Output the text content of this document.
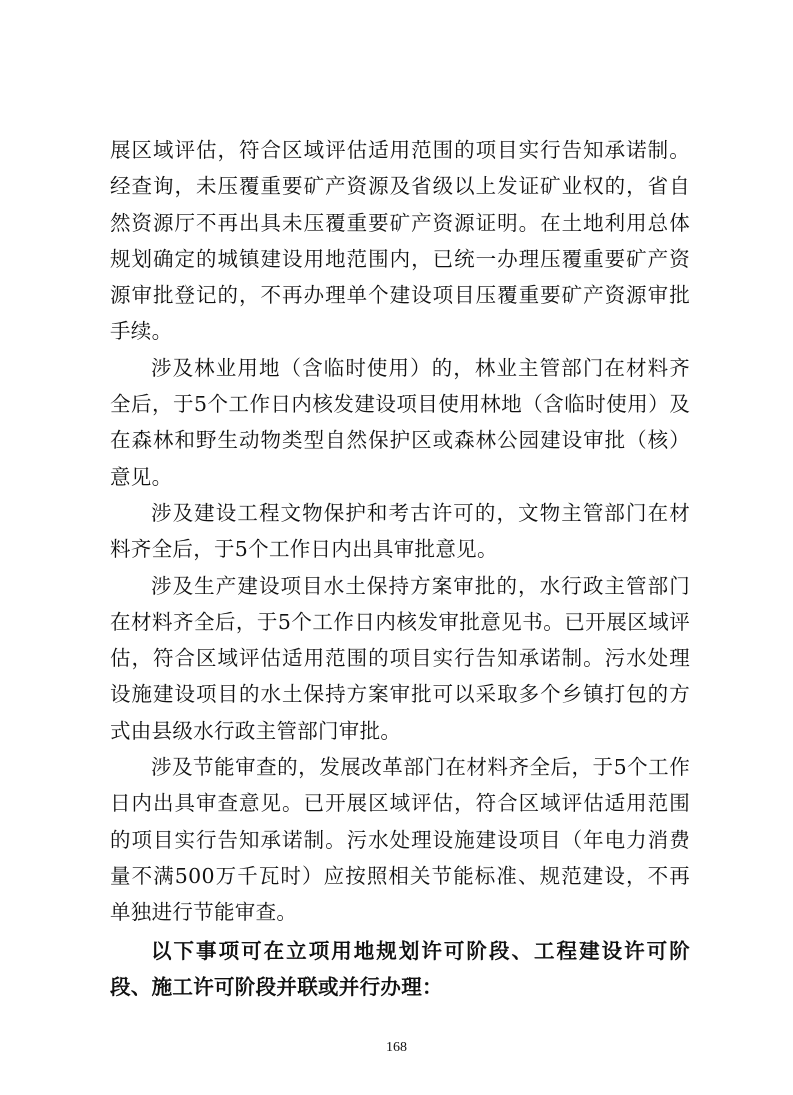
展区域评估，符合区域评估适用范围的项目实行告知承诺制。经查询，未压覆重要矿产资源及省级以上发证矿业权的，省自然资源厅不再出具未压覆重要矿产资源证明。在土地利用总体规划确定的城镇建设用地范围内，已统一办理压覆重要矿产资源审批登记的，不再办理单个建设项目压覆重要矿产资源审批手续。

涉及林业用地（含临时使用）的，林业主管部门在材料齐全后，于5个工作日内核发建设项目使用林地（含临时使用）及在森林和野生动物类型自然保护区或森林公园建设审批（核）意见。

涉及建设工程文物保护和考古许可的，文物主管部门在材料齐全后，于5个工作日内出具审批意见。

涉及生产建设项目水土保持方案审批的，水行政主管部门在材料齐全后，于5个工作日内核发审批意见书。已开展区域评估，符合区域评估适用范围的项目实行告知承诺制。污水处理设施建设项目的水土保持方案审批可以采取多个乡镇打包的方式由县级水行政主管部门审批。

涉及节能审查的，发展改革部门在材料齐全后，于5个工作日内出具审查意见。已开展区域评估，符合区域评估适用范围的项目实行告知承诺制。污水处理设施建设项目（年电力消费量不满500万千瓦时）应按照相关节能标准、规范建设，不再单独进行节能审查。

以下事项可在立项用地规划许可阶段、工程建设许可阶段、施工许可阶段并联或并行办理：

168
